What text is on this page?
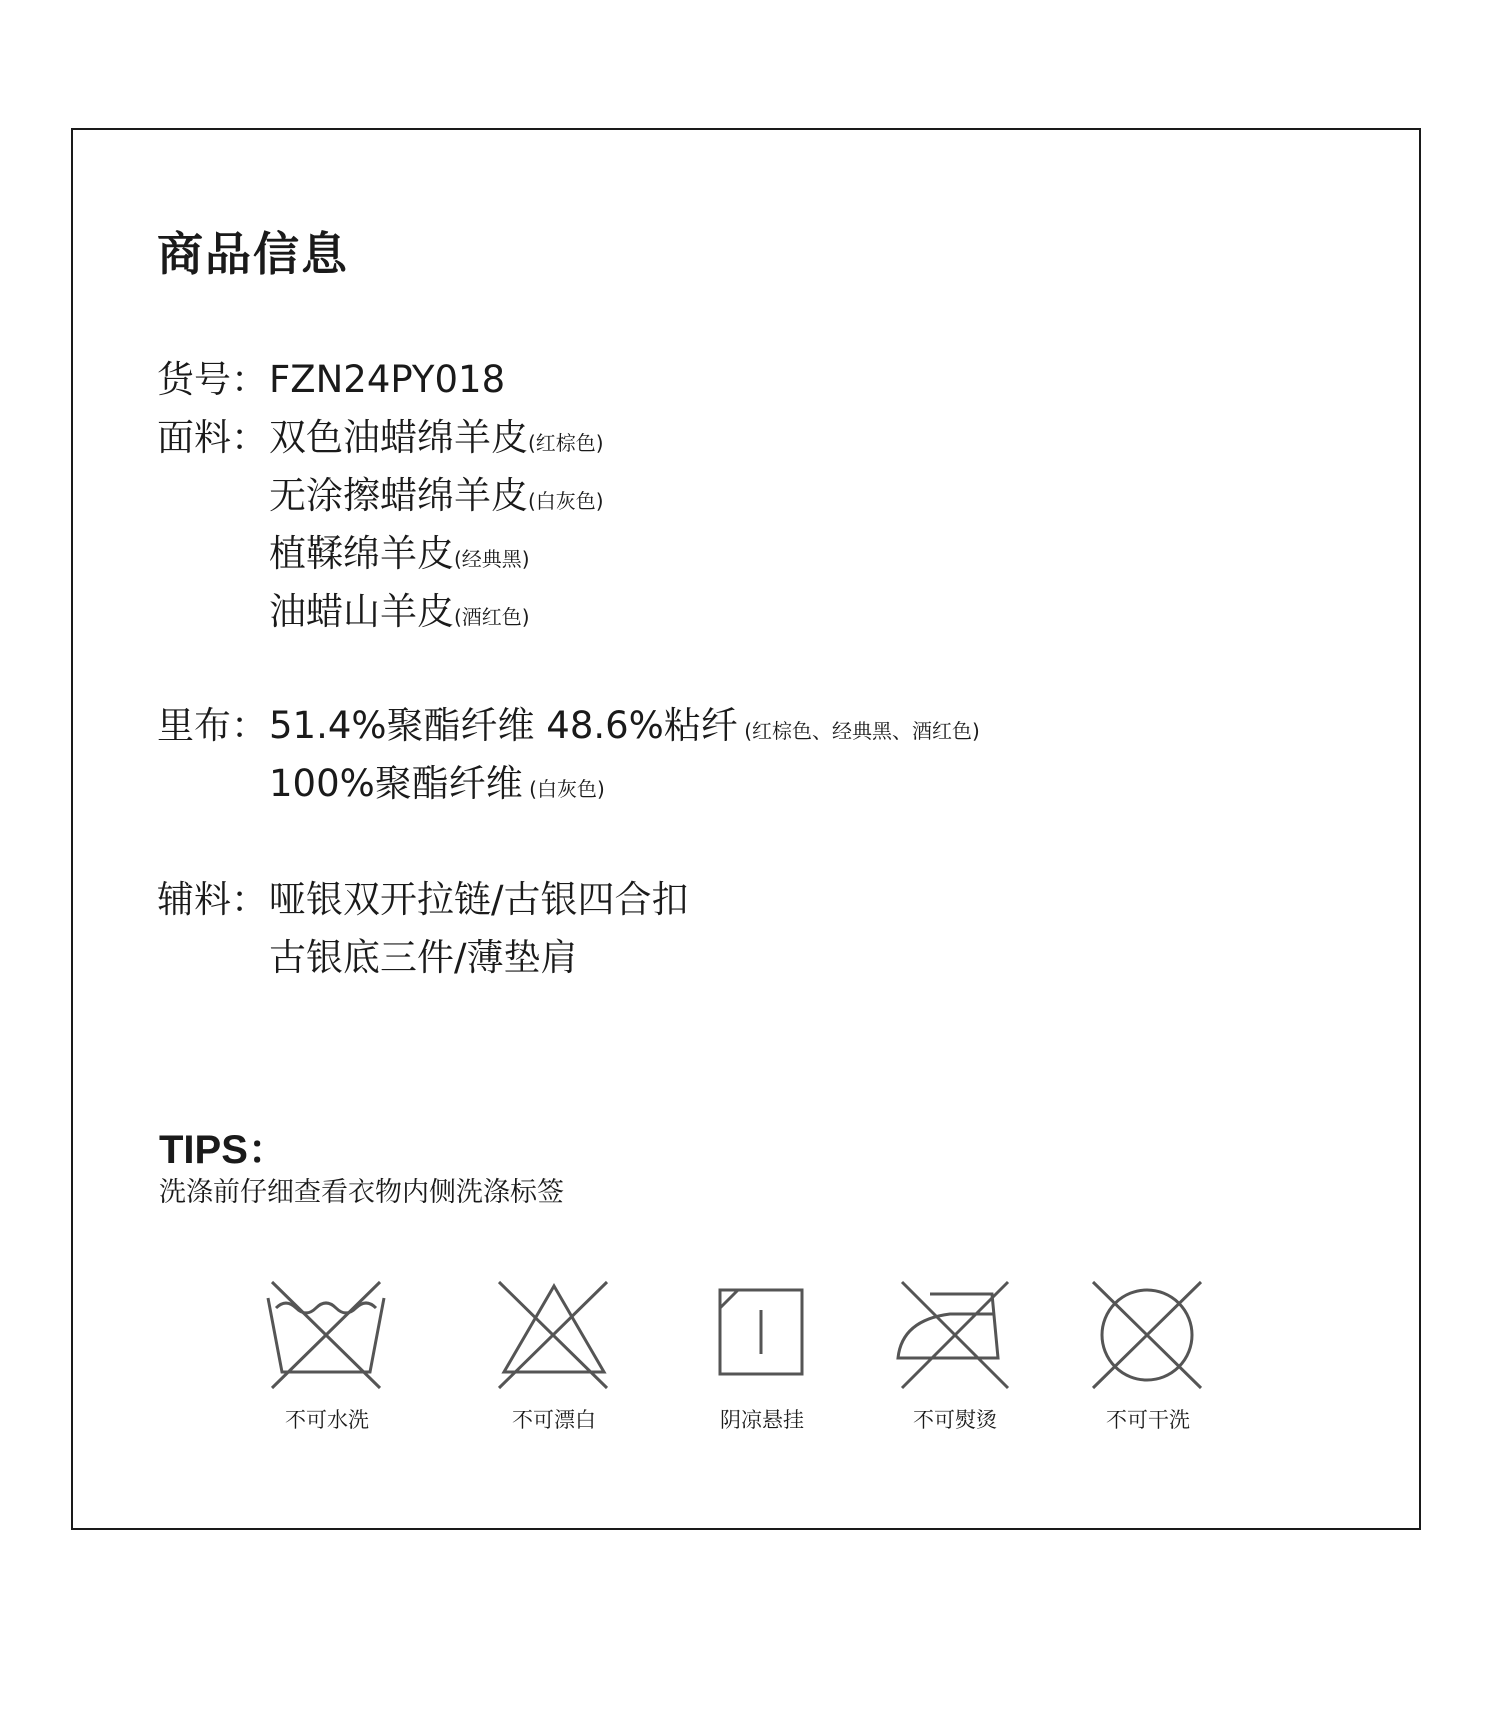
商品信息
货号：FZN24PY018
面料： 双色油蜡绵羊皮(红棕色)
无涂擦蜡绵羊皮(白灰色)
植鞣绵羊皮(经典黑)
油蜡山羊皮(酒红色)
里布： 51.4%聚酯纤维 48.6%粘纤 (红棕色、经典黑、酒红色)
100%聚酯纤维 (白灰色)
辅料： 哑银双开拉链/古银四合扣
古银底三件/薄垫肩
TIPS：
洗涤前仔细查看衣物内侧洗涤标签
不可水洗	不可漂白	阴凉悬挂	不可熨烫	不可干洗
